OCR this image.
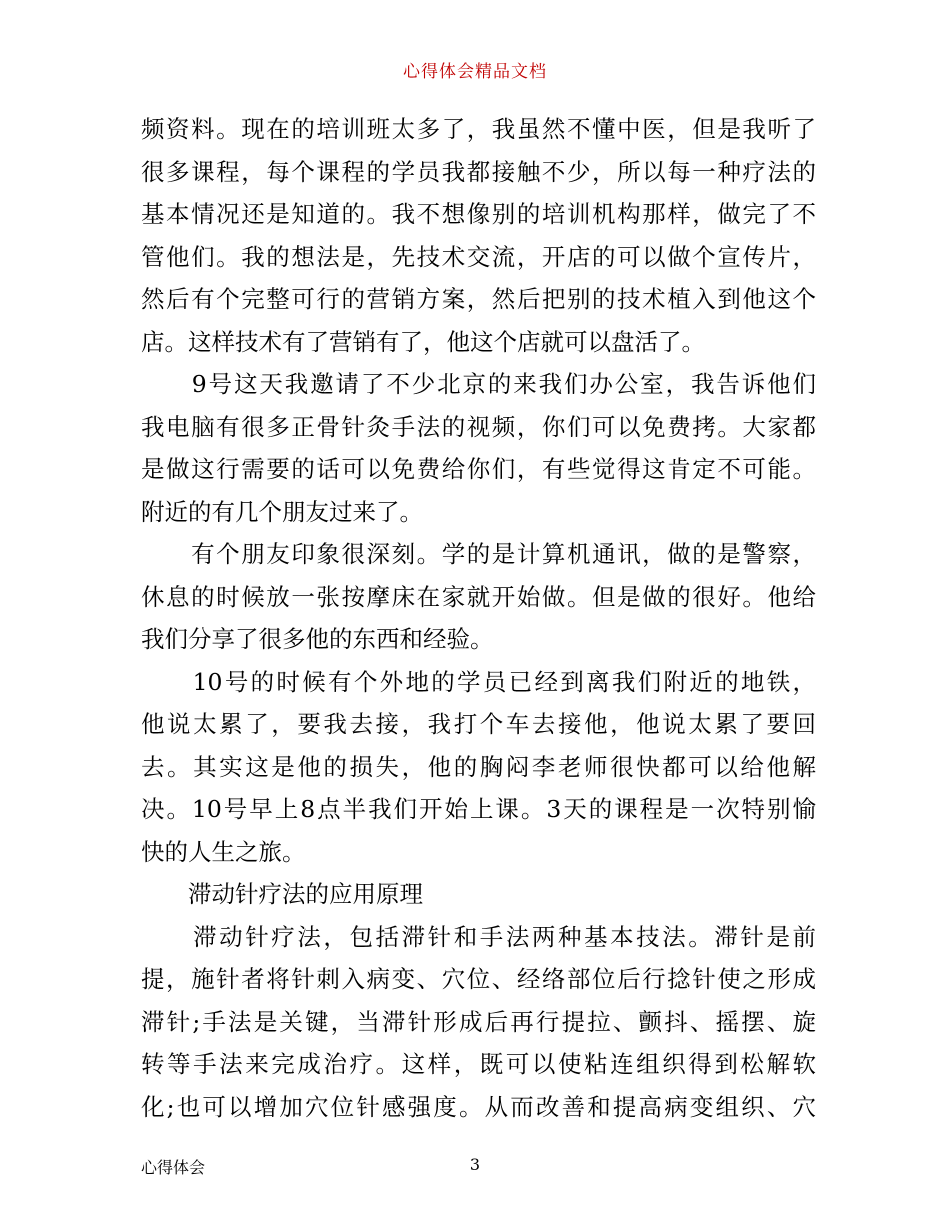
心得体会精品文档
频资料。现在的培训班太多了，我虽然不懂中医，但是我听了
很多课程，每个课程的学员我都接触不少，所以每一种疗法的
基本情况还是知道的。我不想像别的培训机构那样，做完了不
管他们。我的想法是，先技术交流，开店的可以做个宣传片，
然后有个完整可行的营销方案，然后把别的技术植入到他这个
店。这样技术有了营销有了，他这个店就可以盘活了。
　　9号这天我邀请了不少北京的来我们办公室，我告诉他们
我电脑有很多正骨针灸手法的视频，你们可以免费拷。大家都
是做这行需要的话可以免费给你们，有些觉得这肯定不可能。
附近的有几个朋友过来了。
　　有个朋友印象很深刻。学的是计算机通讯，做的是警察，
休息的时候放一张按摩床在家就开始做。但是做的很好。他给
我们分享了很多他的东西和经验。
　　10号的时候有个外地的学员已经到离我们附近的地铁，
他说太累了，要我去接，我打个车去接他，他说太累了要回
去。其实这是他的损失，他的胸闷李老师很快都可以给他解
决。10号早上8点半我们开始上课。3天的课程是一次特别愉
快的人生之旅。
　　滞动针疗法的应用原理
　　滞动针疗法，包括滞针和手法两种基本技法。滞针是前
提，施针者将针刺入病变、穴位、经络部位后行捻针使之形成
滞针;手法是关键，当滞针形成后再行提拉、颤抖、摇摆、旋
转等手法来完成治疗。这样，既可以使粘连组织得到松解软
化;也可以增加穴位针感强度。从而改善和提高病变组织、穴
心得体会	3
